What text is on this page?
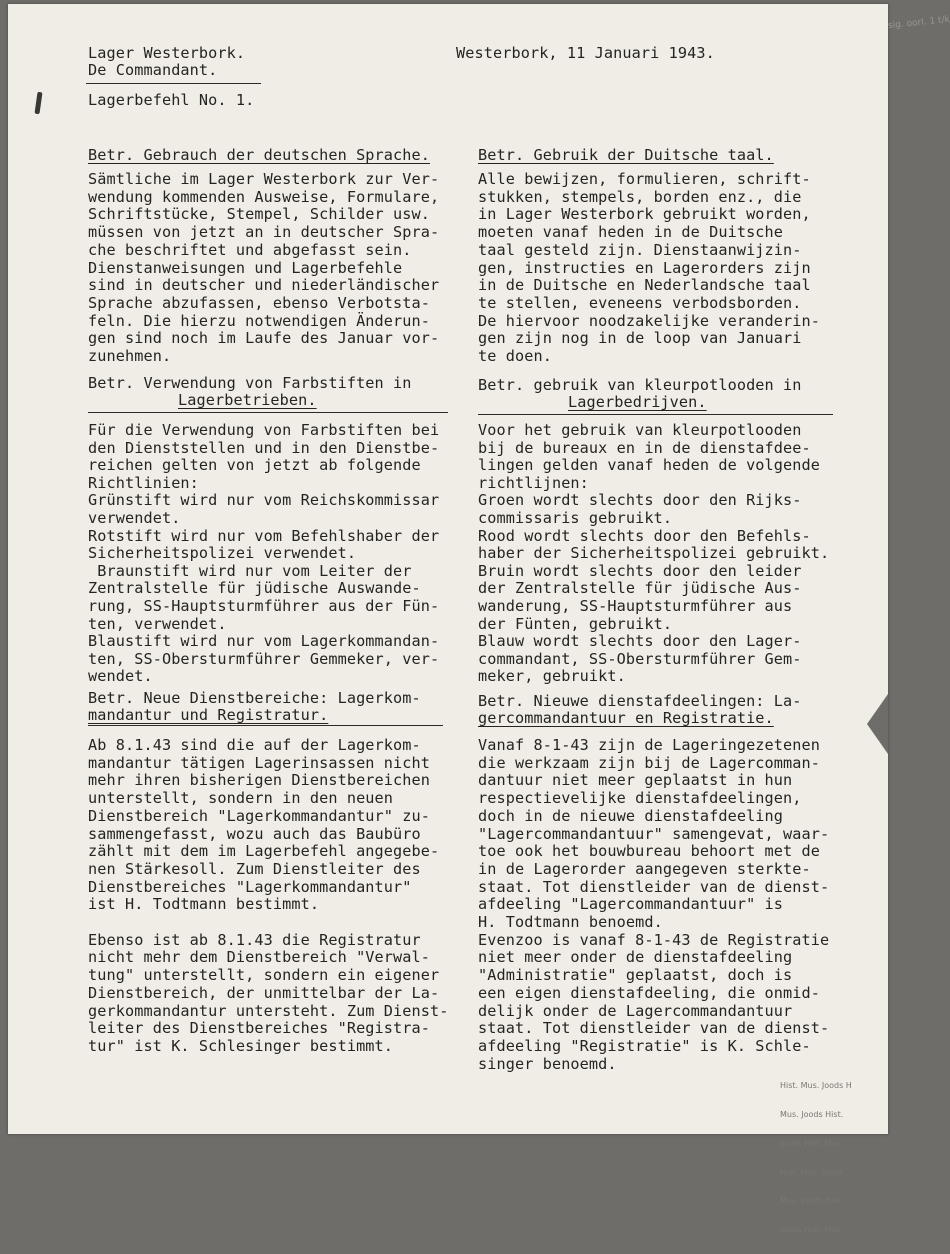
Lager Westerbork.
De Commandant.
Westerbork, 11 Januari 1943.
Lagerbefehl No. 1.
sig. oorl. 1 t/k
Betr. Gebrauch der deutschen Sprache.	Betr. Gebruik der Duitsche taal.
Sämtliche im Lager Westerbork zur Ver-
wendung kommenden Ausweise, Formulare,
Schriftstücke, Stempel, Schilder usw.
müssen von jetzt an in deutscher Spra-
che beschriftet und abgefasst sein.
Dienstanweisungen und Lagerbefehle
sind in deutscher und niederländischer
Sprache abzufassen, ebenso Verbotsta-
feln. Die hierzu notwendigen Änderun-
gen sind noch im Laufe des Januar vor-
zunehmen.
Alle bewijzen, formulieren, schrift-
stukken, stempels, borden enz., die
in Lager Westerbork gebruikt worden,
moeten vanaf heden in de Duitsche
taal gesteld zijn. Dienstaanwijzin-
gen, instructies en Lagerorders zijn
in de Duitsche en Nederlandsche taal
te stellen, eveneens verbodsborden.
De hiervoor noodzakelijke veranderin-
gen zijn nog in de loop van Januari
te doen.
Betr. Verwendung von Farbstiften in
Lagerbetrieben.
Betr. gebruik van kleurpotlooden in
Lagerbedrijven.
Für die Verwendung von Farbstiften bei
den Dienststellen und in den Dienstbe-
reichen gelten von jetzt ab folgende
Richtlinien:
Grünstift wird nur vom Reichskommissar
verwendet.
Rotstift wird nur vom Befehlshaber der
Sicherheitspolizei verwendet.
Braunstift wird nur vom Leiter der
Zentralstelle für jüdische Auswande-
rung, SS-Hauptsturmführer aus der Fün-
ten, verwendet.
Blaustift wird nur vom Lagerkommandan-
ten, SS-Obersturmführer Gemmeker, ver-
wendet.
Voor het gebruik van kleurpotlooden
bij de bureaux en in de dienstafdee-
lingen gelden vanaf heden de volgende
richtlijnen:
Groen wordt slechts door den Rijks-
commissaris gebruikt.
Rood wordt slechts door den Befehls-
haber der Sicherheitspolizei gebruikt.
Bruin wordt slechts door den leider
der Zentralstelle für jüdische Aus-
wanderung, SS-Hauptsturmführer aus
der Fünten, gebruikt.
Blauw wordt slechts door den Lager-
commandant, SS-Obersturmführer Gem-
meker, gebruikt.
Betr. Neue Dienstbereiche: Lagerkom-
mandantur und Registratur.
Betr. Nieuwe dienstafdeelingen: La-
gercommandantuur en Registratie.
Ab 8.1.43 sind die auf der Lagerkom-
mandantur tätigen Lagerinsassen nicht
mehr ihren bisherigen Dienstbereichen
unterstellt, sondern in den neuen
Dienstbereich "Lagerkommandantur" zu-
sammengefasst, wozu auch das Baubüro
zählt mit dem im Lagerbefehl angegebe-
nen Stärkesoll. Zum Dienstleiter des
Dienstbereiches "Lagerkommandantur"
ist H. Todtmann bestimmt.
Ebenso ist ab 8.1.43 die Registratur
nicht mehr dem Dienstbereich "Verwal-
tung" unterstellt, sondern ein eigener
Dienstbereich, der unmittelbar der La-
gerkommandantur untersteht. Zum Dienst-
leiter des Dienstbereiches "Registra-
tur" ist K. Schlesinger bestimmt.
Vanaf 8-1-43 zijn de Lageringezetenen
die werkzaam zijn bij de Lagercomman-
dantuur niet meer geplaatst in hun
respectievelijke dienstafdeelingen,
doch in de nieuwe dienstafdeeling
"Lagercommandantuur" samengevat, waar-
toe ook het bouwbureau behoort met de
in de Lagerorder aangegeven sterkte-
staat. Tot dienstleider van de dienst-
afdeeling "Lagercommandantuur" is
H. Todtmann benoemd.
Evenzoo is vanaf 8-1-43 de Registratie
niet meer onder de dienstafdeeling
"Administratie" geplaatst, doch is
een eigen dienstafdeeling, die onmid-
delijk onder de Lagercommandantuur
staat. Tot dienstleider van de dienst-
afdeeling "Registratie" is K. Schle-
singer benoemd.

Hist. Mus. Joods H

Mus. Joods Hist.

Joods Hist. Mus.

Hist. Mus. Joods

Mus. Joods Hist.

Joods Hist. Mus.
